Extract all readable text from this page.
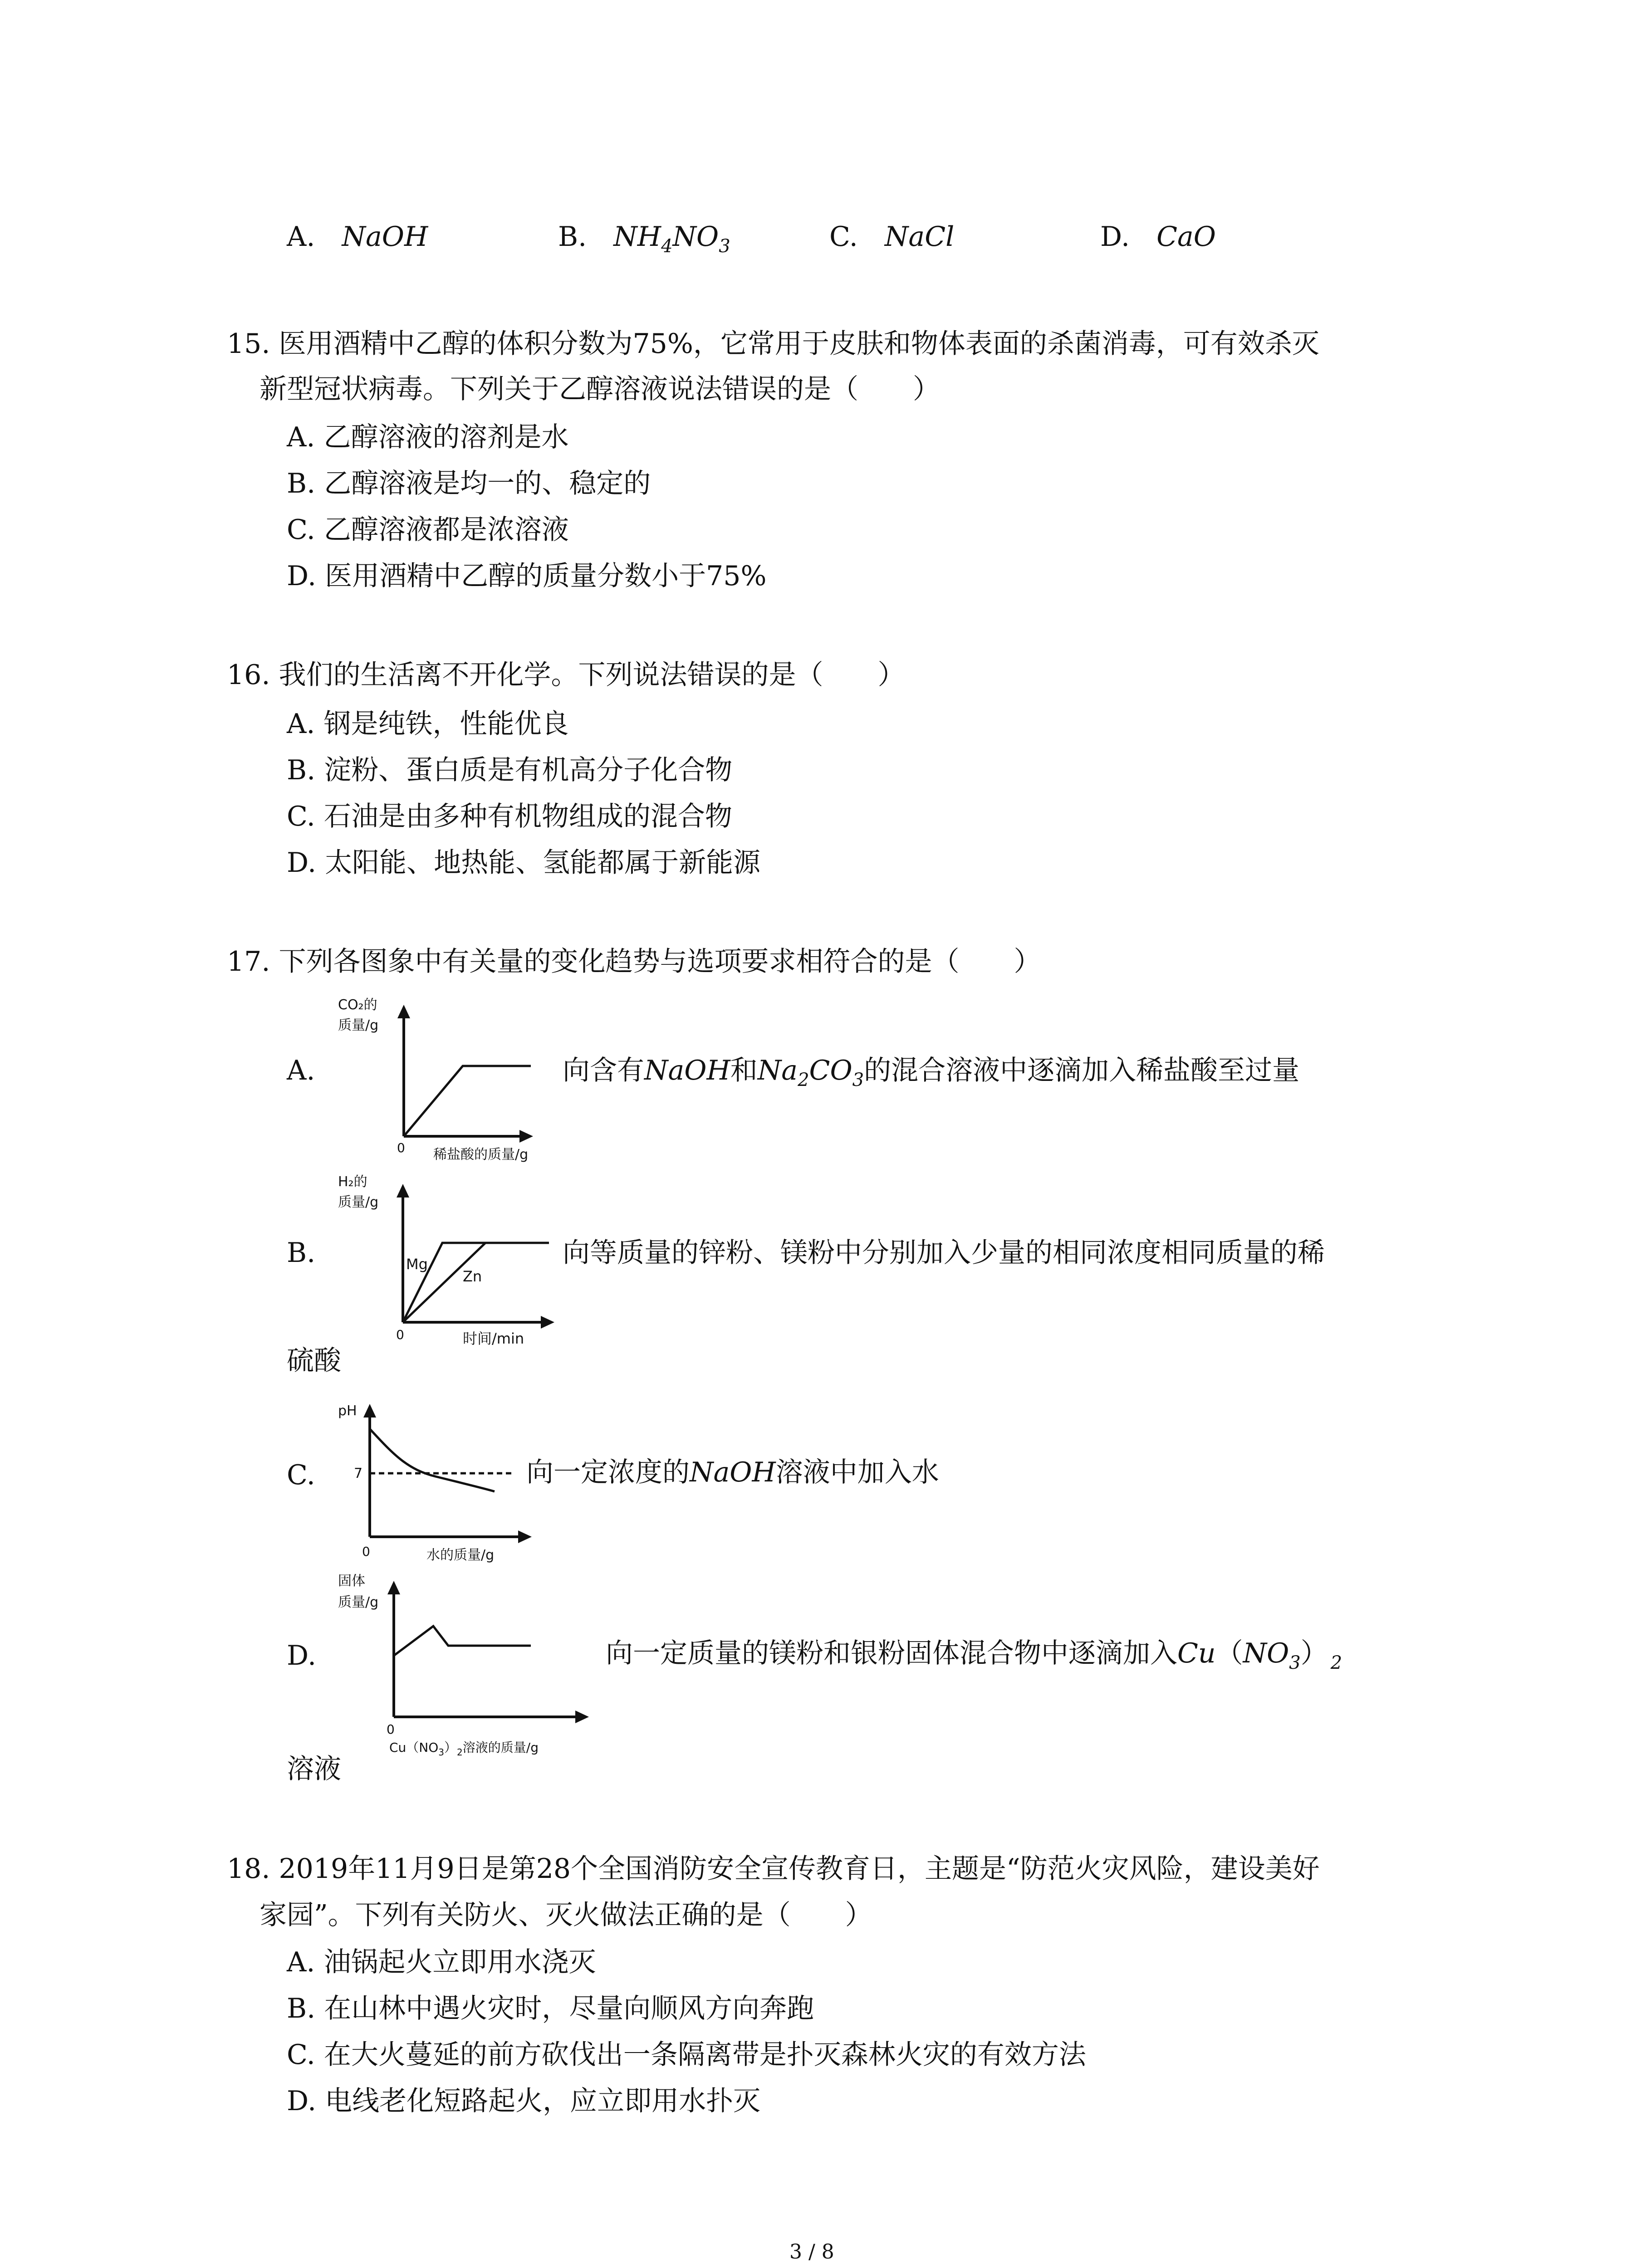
A. NaOH	B. $NH_4NO_3$	C. NaCl	D. CaO
15. 医用酒精中乙醇的体积分数为75%，它常用于皮肤和物体表面的杀菌消毒，可有效杀灭
新型冠状病毒。下列关于乙醇溶液说法错误的是（　　）
A. 乙醇溶液的溶剂是水
B. 乙醇溶液是均一的、稳定的
C. 乙醇溶液都是浓溶液
D. 医用酒精中乙醇的质量分数小于75%
16. 我们的生活离不开化学。下列说法错误的是（　　）
A. 钢是纯铁，性能优良
B. 淀粉、蛋白质是有机高分子化合物
C. 石油是由多种有机物组成的混合物
D. 太阳能、地热能、氢能都属于新能源
17. 下列各图象中有关量的变化趋势与选项要求相符合的是（　　）
A.
CO₂的
质量/g
0 稀盐酸的质量/g
向含有NaOH和$Na_2CO_3$的混合溶液中逐滴加入稀盐酸至过量
B.
H₂的
质量/g
Mg
Zn
0	时间/min
向等质量的锌粉、镁粉中分别加入少量的相同浓度相同质量的稀
硫酸
C.
pH
7
0	水的质量/g
向一定浓度的NaOH溶液中加入水
D.
固体
质量/g
0
$Cu(NO_3)_2$溶液的质量/g
向一定质量的镁粉和银粉固体混合物中逐滴加入$Cu(NO_3)$ $_2$
溶液
18. 2019年11月9日是第28个全国消防安全宣传教育日，主题是“防范火灾风险，建设美好
家园”。下列有关防火、灭火做法正确的是（　　）
A. 油锅起火立即用水浇灭
B. 在山林中遇火灾时，尽量向顺风方向奔跑
C. 在大火蔓延的前方砍伐出一条隔离带是扑灭森林火灾的有效方法
D. 电线老化短路起火，应立即用水扑灭
3 / 8
